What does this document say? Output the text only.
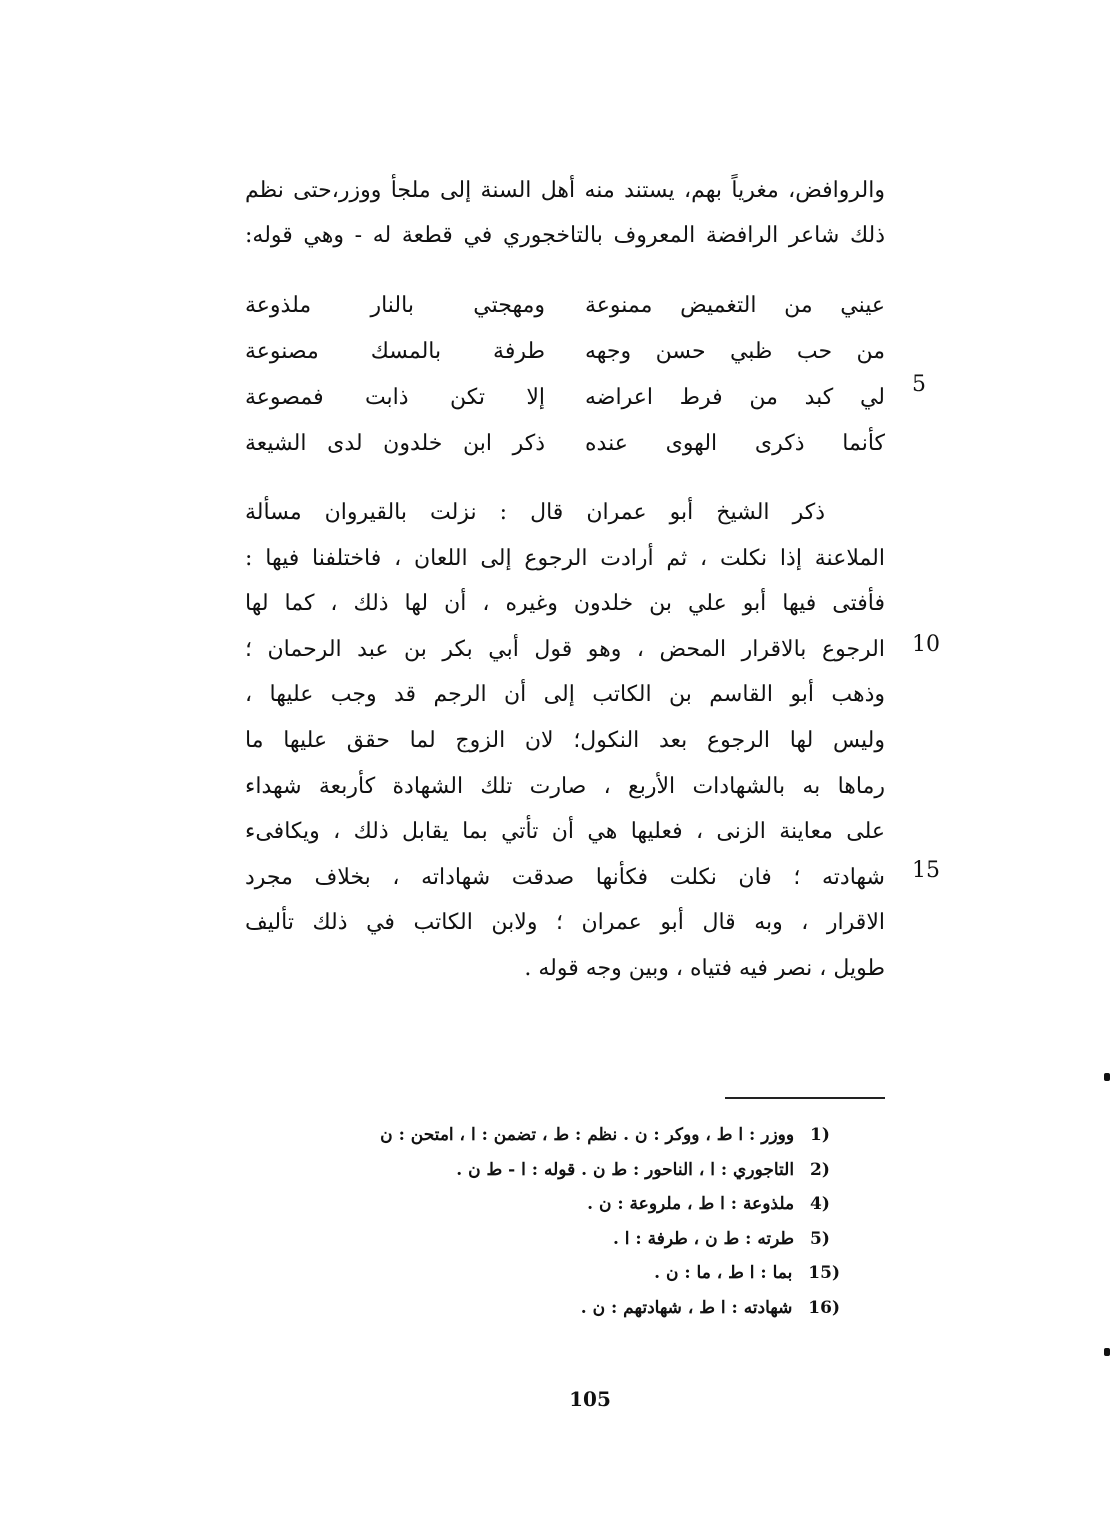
والروافض، مغرياً بهم، يستند منه أهل السنة إلى ملجأ ووزر،حتى نظم
ذلك شاعر الرافضة المعروف بالتاخجوري في قطعة له - وهي قوله:
عيني من التغميض ممنوعة
ومهجتي بالنار ملذوعة
من حب ظبي حسن وجهه
طرفة بالمسك مصنوعة
لي كبد من فرط اعراضه
إلا تكن ذابت فمصوعة
كأنما ذكرى الهوى عنده
ذكر ابن خلدون لدى الشيعة
ذكر الشيخ أبو عمران قال : نزلت بالقيروان مسألة
الملاعنة إذا نكلت ، ثم أرادت الرجوع إلى اللعان ، فاختلفنا فيها :
فأفتى فيها أبو علي بن خلدون وغيره ، أن لها ذلك ، كما لها
الرجوع بالاقرار المحض ، وهو قول أبي بكر بن عبد الرحمان ؛
وذهب أبو القاسم بن الكاتب إلى أن الرجم قد وجب عليها ،
وليس لها الرجوع بعد النكول؛ لان الزوج لما حقق عليها ما
رماها به بالشهادات الأربع ، صارت تلك الشهادة كأربعة شهداء
على معاينة الزنى ، فعليها هي أن تأتي بما يقابل ذلك ، ويكافىء
شهادته ؛ فان نكلت فكأنها صدقت شهاداته ، بخلاف مجرد
الاقرار ، وبه قال أبو عمران ؛ ولابن الكاتب في ذلك تأليف
طويل ، نصر فيه فتياه ، وبين وجه قوله .
5
10
15
1) ووزر : ا ط ، ووكر : ن . نظم : ط ، تضمن : ا ، امتحن : ن
2) التاجوري : ا ، الناحور : ط ن . قوله : ا - ط ن .
4) ملذوعة : ا ط ، ملروعة : ن .
5) طرته : ط ن ، طرفة : ا .
15) بما : ا ط ، ما : ن .
16) شهادته : ا ط ، شهادتهم : ن .
105
